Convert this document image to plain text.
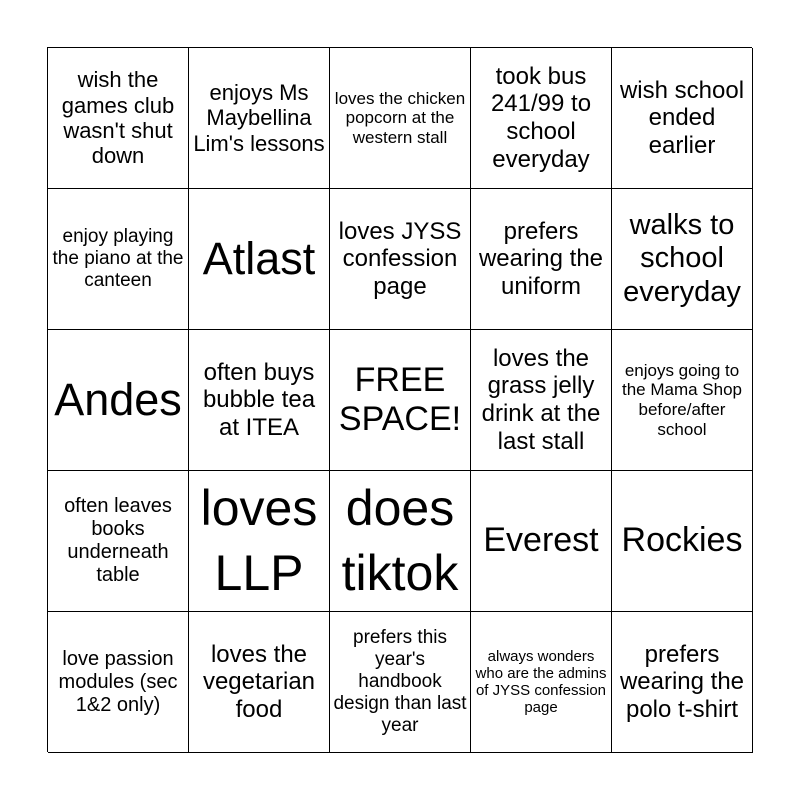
wish the games club wasn't shut down
enjoys Ms Maybellina Lim's lessons
loves the chicken popcorn at the western stall
took bus 241/99 to school everyday
wish school ended earlier
enjoy playing the piano at the canteen	Atlast
loves JYSS confession page
prefers wearing the uniform
walks to school everyday
Andes
often buys bubble tea at ITEA
FREE SPACE!
loves the grass jelly drink at the last stall
enjoys going to the Mama Shop before/after school
often leaves books underneath table
loves LLP
does tiktok
Everest Rockies
love passion modules (sec 1&2 only)
loves the vegetarian food
prefers this year's handbook design than last year
always wonders who are the admins of JYSS confession page
prefers wearing the polo t-shirt
